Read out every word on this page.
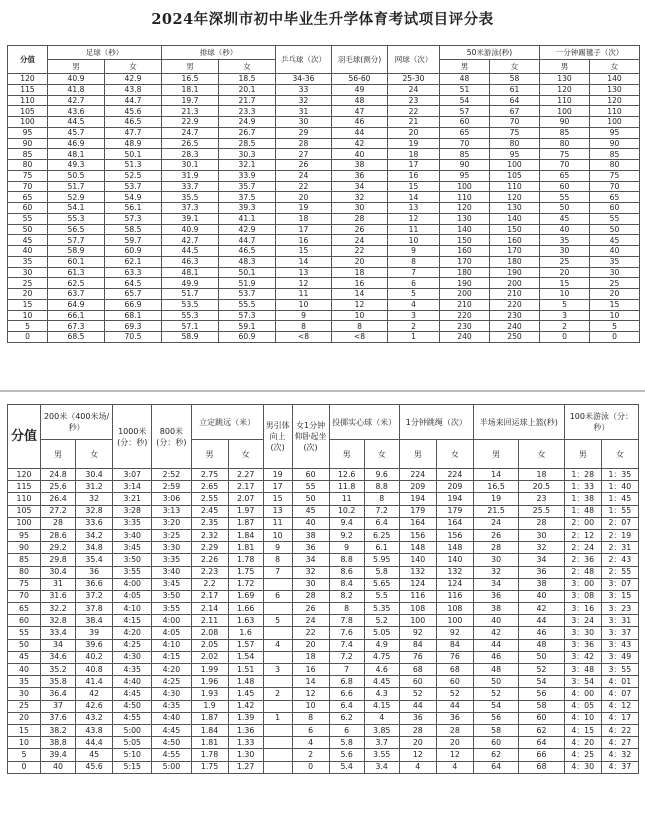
2024年深圳市初中毕业生升学体育考试项目评分表
分值	足球（秒）		排球（秒）		乒乓球（次）	羽毛球(测分)	网球（次）	50米游泳(秒)		一分钟踢毽子（次）	
	男	女	男	女				男	女	男	女
120	40.9	42.9	16.5	18.5	34-36	56-60	25-30	48	58	130	140
115	41.8	43.8	18.1	20.1	33	49	24	51	61	120	130
110	42.7	44.7	19.7	21.7	32	48	23	54	64	110	120
105	43.6	45.6	21.3	23.3	31	47	22	57	67	100	110
100	44.5	46.5	22.9	24.9	30	46	21	60	70	90	100
95	45.7	47.7	24.7	26.7	29	44	20	65	75	85	95
90	46.9	48.9	26.5	28.5	28	42	19	70	80	80	90
85	48.1	50.1	28.3	30.3	27	40	18	85	95	75	85
80	49.3	51.3	30.1	32.1	26	38	17	90	100	70	80
75	50.5	52.5	31.9	33.9	24	36	16	95	105	65	75
70	51.7	53.7	33.7	35.7	22	34	15	100	110	60	70
65	52.9	54.9	35.5	37.5	20	32	14	110	120	55	65
60	54.1	56.1	37.3	39.3	19	30	13	120	130	50	60
55	55.3	57.3	39.1	41.1	18	28	12	130	140	45	55
50	56.5	58.5	40.9	42.9	17	26	11	140	150	40	50
45	57.7	59.7	42.7	44.7	16	24	10	150	160	35	45
40	58.9	60.9	44.5	46.5	15	22	9	160	170	30	40
35	60.1	62.1	46.3	48.3	14	20	8	170	180	25	35
30	61.3	63.3	48.1	50.1	13	18	7	180	190	20	30
25	62.5	64.5	49.9	51.9	12	16	6	190	200	15	25
20	63.7	65.7	51.7	53.7	11	14	5	200	210	10	20
15	64.9	66.9	53.5	55.5	10	12	4	210	220	5	15
10	66.1	68.1	55.3	57.3	9	10	3	220	230	3	10
5	67.3	69.3	57.1	59.1	8	8	2	230	240	2	5
0	68.5	70.5	58.9	60.9	<8	<8	1	240	250	0	0
分值	200米（400米场/秒）		1000米(分：秒)	800米(分：秒)	立定跳远（米）		男引体向上(次)	女1分钟仰卧起坐(次)	投掷实心球（米）		1分钟跳绳（次）		半场来回运球上篮(秒)		100米游泳（分：秒）	
	男	女			男	女			男	女	男	女	男	女	男	女
120	24.8	30.4	3:07	2:52	2.75	2.27	19	60	12.6	9.6	224	224	14	18	1：28	1：35
115	25.6	31.2	3:14	2:59	2.65	2.17	17	55	11.8	8.8	209	209	16.5	20.5	1：33	1：40
110	26.4	32	3:21	3:06	2.55	2.07	15	50	11	8	194	194	19	23	1：38	1：45
105	27.2	32.8	3:28	3:13	2.45	1.97	13	45	10.2	7.2	179	179	21.5	25.5	1：48	1：55
100	28	33.6	3:35	3:20	2.35	1.87	11	40	9.4	6.4	164	164	24	28	2：00	2：07
95	28.6	34.2	3:40	3:25	2.32	1.84	10	38	9.2	6.25	156	156	26	30	2：12	2：19
90	29.2	34.8	3:45	3:30	2.29	1.81	9	36	9	6.1	148	148	28	32	2：24	2：31
85	29.8	35.4	3:50	3:35	2.26	1.78	8	34	8.8	5.95	140	140	30	34	2：36	2：43
80	30.4	36	3:55	3:40	2.23	1.75	7	32	8.6	5.8	132	132	32	36	2：48	2：55
75	31	36.6	4:00	3:45	2.2	1.72		30	8.4	5.65	124	124	34	38	3：00	3：07
70	31.6	37.2	4:05	3:50	2.17	1.69	6	28	8.2	5.5	116	116	36	40	3：08	3：15
65	32.2	37.8	4:10	3:55	2.14	1.66		26	8	5.35	108	108	38	42	3：16	3：23
60	32.8	38.4	4:15	4:00	2.11	1.63	5	24	7.8	5.2	100	100	40	44	3：24	3：31
55	33.4	39	4:20	4:05	2.08	1.6		22	7.6	5.05	92	92	42	46	3：30	3：37
50	34	39.6	4:25	4:10	2.05	1.57	4	20	7.4	4.9	84	84	44	48	3：36	3：43
45	34.6	40.2	4:30	4:15	2.02	1.54		18	7.2	4.75	76	76	46	50	3：42	3：49
40	35.2	40.8	4:35	4:20	1.99	1.51	3	16	7	4.6	68	68	48	52	3：48	3：55
35	35.8	41.4	4:40	4:25	1.96	1.48		14	6.8	4.45	60	60	50	54	3：54	4：01
30	36.4	42	4:45	4:30	1.93	1.45	2	12	6.6	4.3	52	52	52	56	4：00	4：07
25	37	42.6	4:50	4:35	1.9	1.42		10	6.4	4.15	44	44	54	58	4：05	4：12
20	37.6	43.2	4:55	4:40	1.87	1.39	1	8	6.2	4	36	36	56	60	4：10	4：17
15	38.2	43.8	5:00	4:45	1.84	1.36		6	6	3.85	28	28	58	62	4：15	4：22
10	38.8	44.4	5:05	4:50	1.81	1.33		4	5.8	3.7	20	20	60	64	4：20	4：27
5	39.4	45	5:10	4:55	1.78	1.30		2	5.6	3.55	12	12	62	66	4：25	4：32
0	40	45.6	5:15	5:00	1.75	1.27		0	5.4	3.4	4	4	64	68	4：30	4：37
